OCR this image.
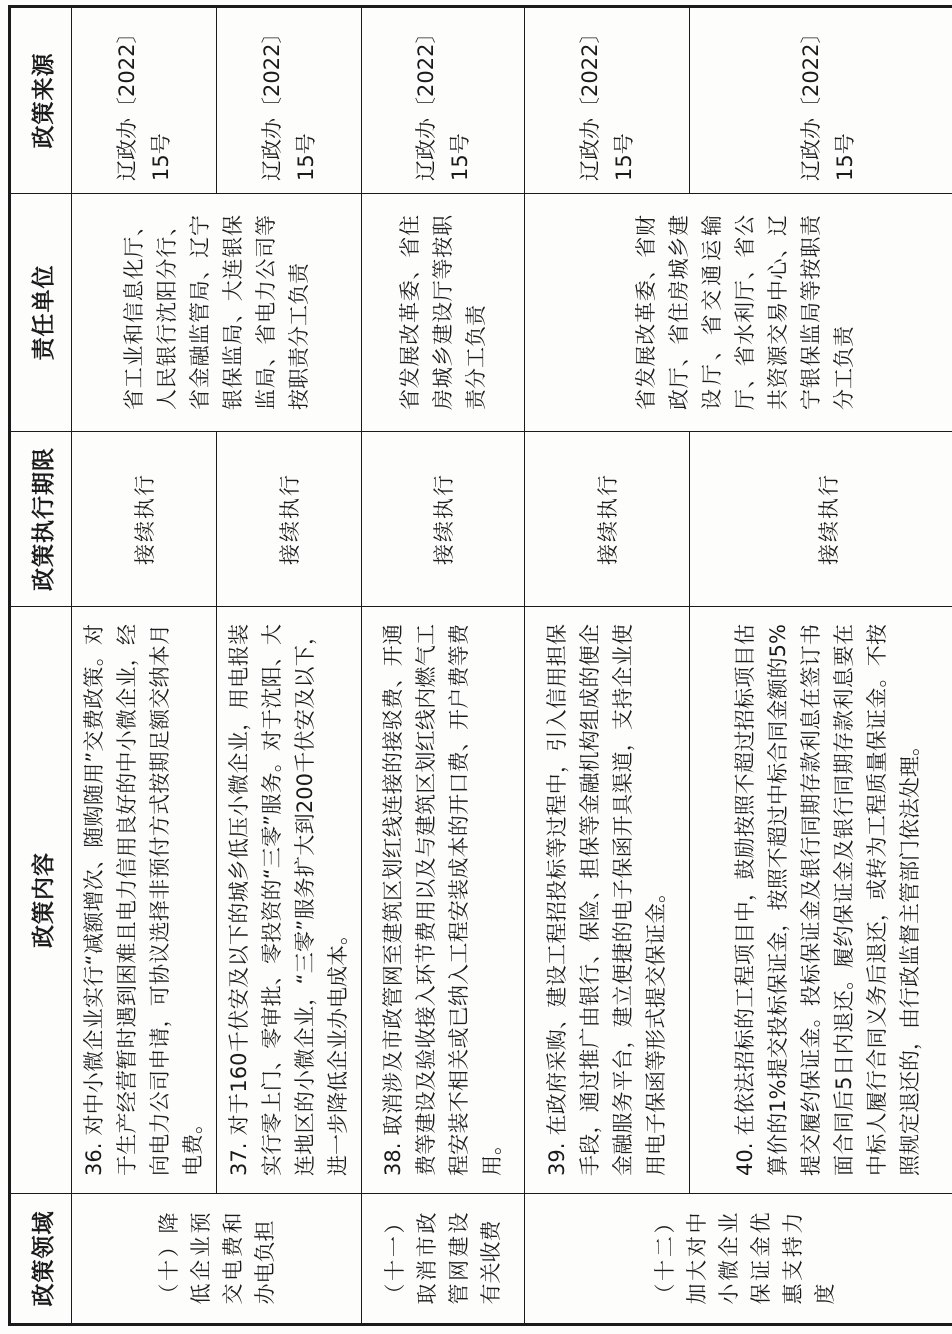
政策领域	政策内容	政策执行期限	责任单位	政策来源
（十）降低企业预交电费和办电负担	36. 对中小微企业实行“减额增次、随购随用”交费政策。对于生产经营暂时遇到困难且电力信用良好的中小微企业，经向电力公司申请，可协议选择非预付方式按期足额交纳本月电费。	接续执行	省工业和信息化厅、人民银行沈阳分行、省金融监管局、辽宁银保监局、大连银保监局、省电力公司等按职责分工负责	辽政办〔2022〕15号
	37. 对于160千伏安及以下的城乡低压小微企业，用电报装实行零上门、零审批、零投资的“三零”服务。对于沈阳、大连地区的小微企业，“三零”服务扩大到200千伏安及以下，进一步降低企业办电成本。	接续执行		辽政办〔2022〕15号
（十一）取消市政管网建设有关收费	38. 取消涉及市政管网至建筑区划红线连接的接驳费、开通费等建设及验收接入环节费用以及与建筑区划红线内燃气工程安装不相关或已纳入工程安装成本的开口费、开户费等费用。	接续执行	省发展改革委、省住房城乡建设厅等按职责分工负责	辽政办〔2022〕15号
（十二）加大对中小微企业保证金优惠支持力度	39. 在政府采购、建设工程招投标等过程中，引入信用担保手段，通过推广由银行、保险、担保等金融机构组成的便企金融服务平台，建立便捷的电子保函开具渠道，支持企业使用电子保函等形式提交保证金。	接续执行	省发展改革委、省财政厅、省住房城乡建设厅、省交通运输厅、省水利厅、省公共资源交易中心、辽宁银保监局等按职责分工负责	辽政办〔2022〕15号
	40. 在依法招标的工程项目中，鼓励按照不超过招标项目估算价的1%提交投标保证金，按照不超过中标合同金额的5%提交履约保证金。投标保证金及银行同期存款利息在签订书面合同后5日内退还。履约保证金及银行同期存款利息要在中标人履行合同义务后退还，或转为工程质量保证金。不按照规定退还的，由行政监督主管部门依法处理。	接续执行		辽政办〔2022〕15号
